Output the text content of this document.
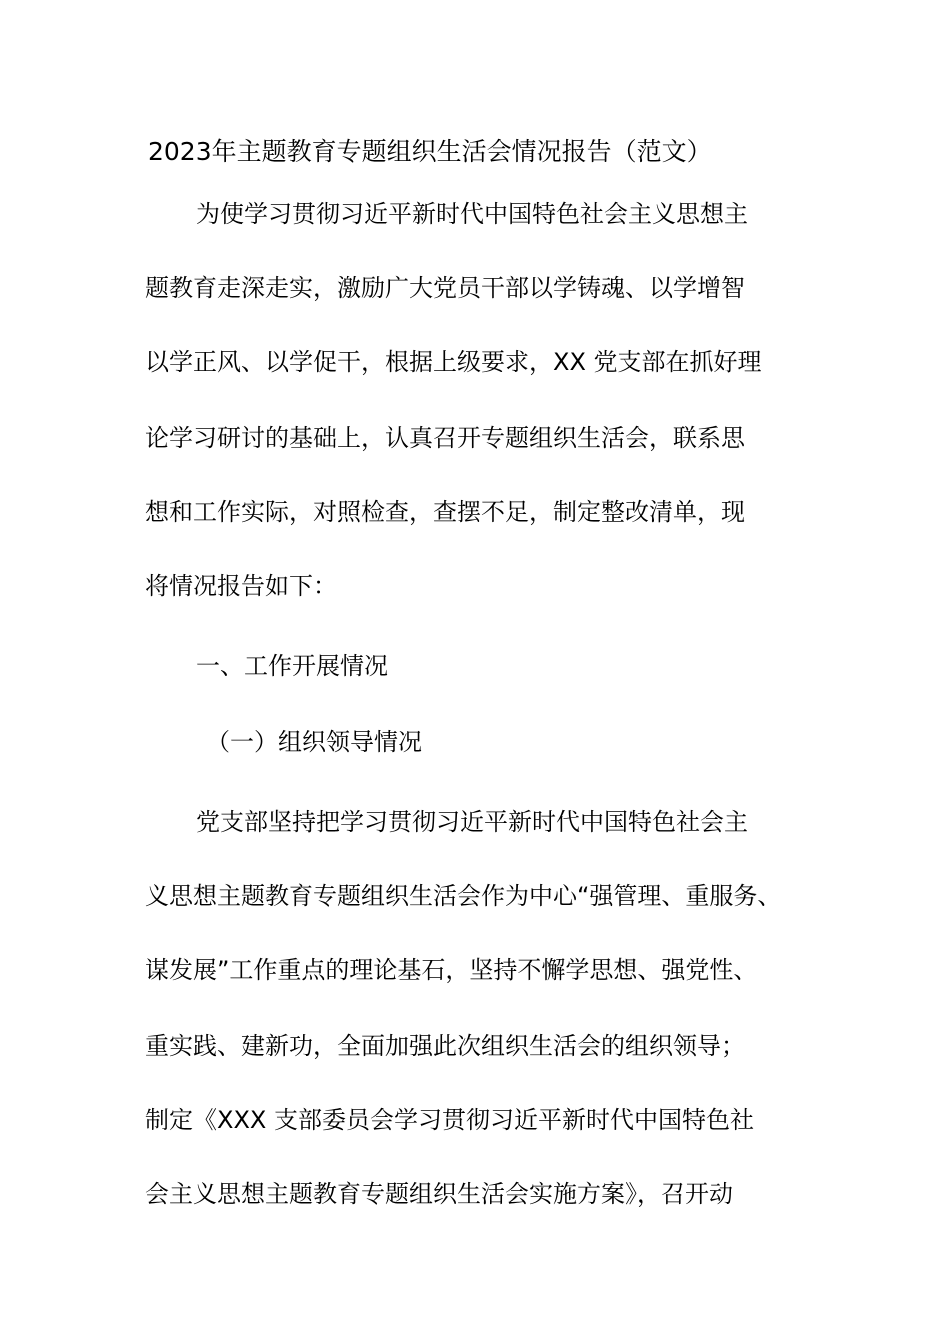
2023年主题教育专题组织生活会情况报告（范文）
为使学习贯彻习近平新时代中国特色社会主义思想主
题教育走深走实，激励广大党员干部以学铸魂、以学增智
以学正风、以学促干，根据上级要求，XX 党支部在抓好理
论学习研讨的基础上，认真召开专题组织生活会，联系思
想和工作实际，对照检查，查摆不足，制定整改清单，现
将情况报告如下：
一、工作开展情况
（一）组织领导情况
党支部坚持把学习贯彻习近平新时代中国特色社会主
义思想主题教育专题组织生活会作为中心“强管理、重服务、
谋发展”工作重点的理论基石，坚持不懈学思想、强党性、
重实践、建新功，全面加强此次组织生活会的组织领导；
制定《XXX 支部委员会学习贯彻习近平新时代中国特色社
会主义思想主题教育专题组织生活会实施方案》，召开动
